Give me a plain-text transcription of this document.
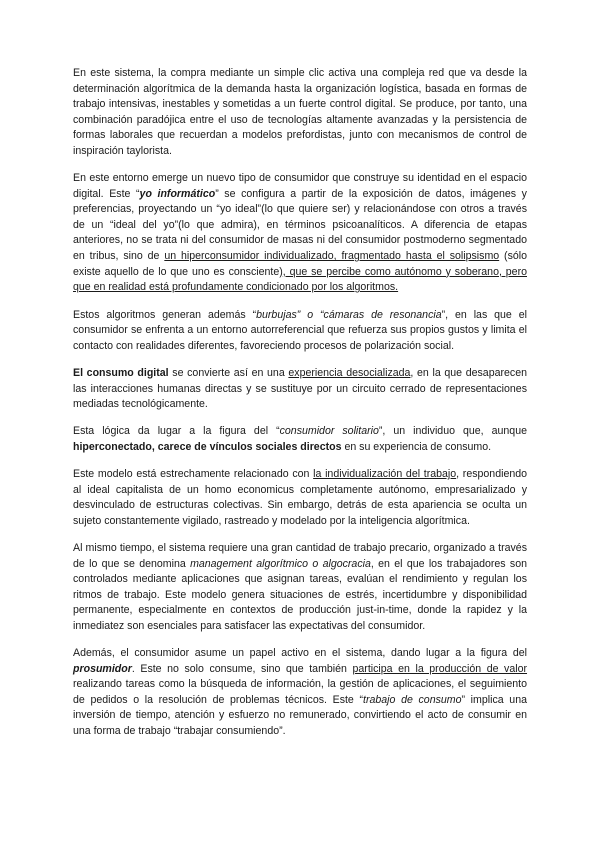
En este sistema, la compra mediante un simple clic activa una compleja red que va desde la determinación algorítmica de la demanda hasta la organización logística, basada en formas de trabajo intensivas, inestables y sometidas a un fuerte control digital. Se produce, por tanto, una combinación paradójica entre el uso de tecnologías altamente avanzadas y la persistencia de formas laborales que recuerdan a modelos prefordistas, junto con mecanismos de control de inspiración taylorista.

En este entorno emerge un nuevo tipo de consumidor que construye su identidad en el espacio digital. Este “yo informático” se configura a partir de la exposición de datos, imágenes y preferencias, proyectando un “yo ideal”(lo que quiere ser) y relacionándose con otros a través de un “ideal del yo”(lo que admira), en términos psicoanalíticos. A diferencia de etapas anteriores, no se trata ni del consumidor de masas ni del consumidor postmoderno segmentado en tribus, sino de un hiperconsumidor individualizado, fragmentado hasta el solipsismo (sólo existe aquello de lo que uno es consciente), que se percibe como autónomo y soberano, pero que en realidad está profundamente condicionado por los algoritmos.

Estos algoritmos generan además “burbujas” o “cámaras de resonancia”, en las que el consumidor se enfrenta a un entorno autorreferencial que refuerza sus propios gustos y limita el contacto con realidades diferentes, favoreciendo procesos de polarización social.

El consumo digital se convierte así en una experiencia desocializada, en la que desaparecen las interacciones humanas directas y se sustituye por un circuito cerrado de representaciones mediadas tecnológicamente.

Esta lógica da lugar a la figura del “consumidor solitario”, un individuo que, aunque hiperconectado, carece de vínculos sociales directos en su experiencia de consumo.

Este modelo está estrechamente relacionado con la individualización del trabajo, respondiendo al ideal capitalista de un homo economicus completamente autónomo, empresarializado y desvinculado de estructuras colectivas. Sin embargo, detrás de esta apariencia se oculta un sujeto constantemente vigilado, rastreado y modelado por la inteligencia algorítmica.

Al mismo tiempo, el sistema requiere una gran cantidad de trabajo precario, organizado a través de lo que se denomina management algorítmico o algocracia, en el que los trabajadores son controlados mediante aplicaciones que asignan tareas, evalúan el rendimiento y regulan los ritmos de trabajo. Este modelo genera situaciones de estrés, incertidumbre y disponibilidad permanente, especialmente en contextos de producción just-in-time, donde la rapidez y la inmediatez son esenciales para satisfacer las expectativas del consumidor.

Además, el consumidor asume un papel activo en el sistema, dando lugar a la figura del prosumidor. Este no solo consume, sino que también participa en la producción de valor realizando tareas como la búsqueda de información, la gestión de aplicaciones, el seguimiento de pedidos o la resolución de problemas técnicos. Este “trabajo de consumo” implica una inversión de tiempo, atención y esfuerzo no remunerado, convirtiendo el acto de consumir en una forma de trabajo “trabajar consumiendo”.
